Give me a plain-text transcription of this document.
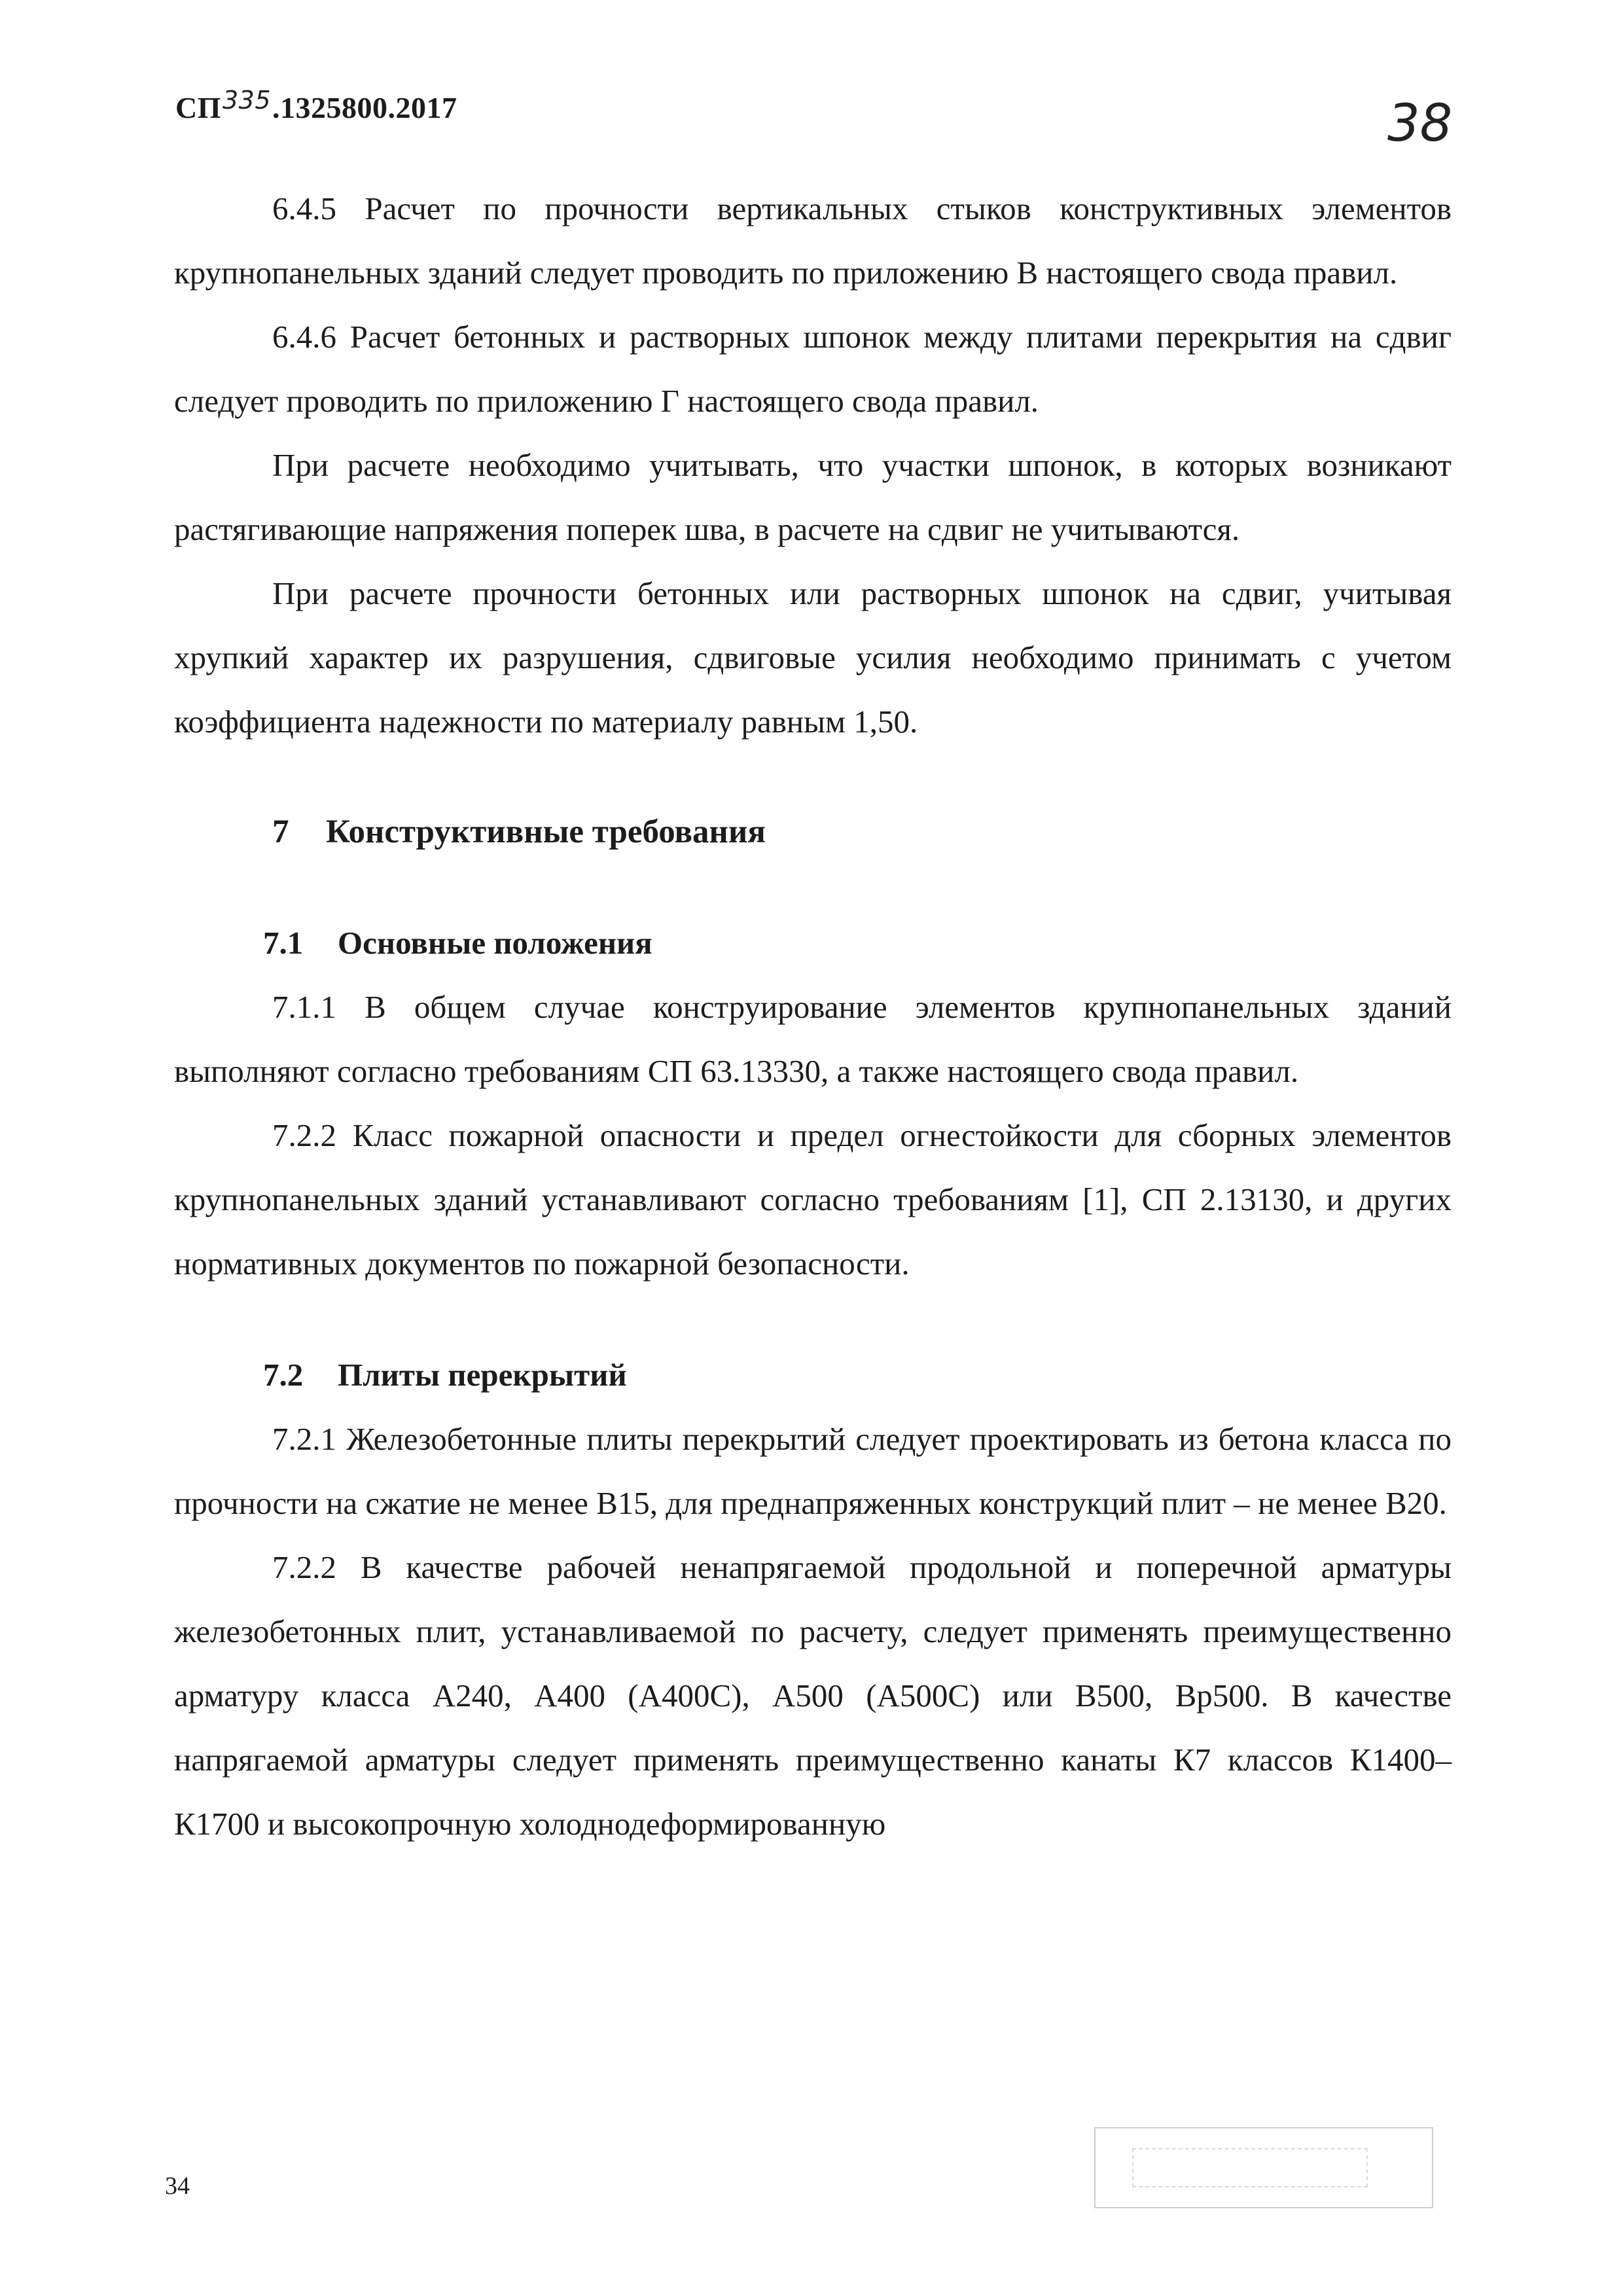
СП$^{335}$.1325800.2017	38

6.4.5 Расчет по прочности вертикальных стыков конструктивных элементов крупнопанельных зданий следует проводить по приложению В настоящего свода правил.

6.4.6 Расчет бетонных и растворных шпонок между плитами перекрытия на сдвиг следует проводить по приложению Г настоящего свода правил.

При расчете необходимо учитывать, что участки шпонок, в которых возникают растягивающие напряжения поперек шва, в расчете на сдвиг не учитываются.

При расчете прочности бетонных или растворных шпонок на сдвиг, учитывая хрупкий характер их разрушения, сдвиговые усилия необходимо принимать с учетом коэффициента надежности по материалу равным 1,50.

7 Конструктивные требования
7.1 Основные положения

7.1.1 В общем случае конструирование элементов крупнопанельных зданий выполняют согласно требованиям СП 63.13330, а также настоящего свода правил.

7.2.2 Класс пожарной опасности и предел огнестойкости для сборных элементов крупнопанельных зданий устанавливают согласно требованиям [1], СП 2.13130, и других нормативных документов по пожарной безопасности.

7.2 Плиты перекрытий

7.2.1 Железобетонные плиты перекрытий следует проектировать из бетона класса по прочности на сжатие не менее В15, для преднапряженных конструкций плит – не менее В20.

7.2.2 В качестве рабочей ненапрягаемой продольной и поперечной арматуры железобетонных плит, устанавливаемой по расчету, следует применять преимущественно арматуру класса А240, А400 (А400С), А500 (А500С) или В500, Вр500. В качестве напрягаемой арматуры следует применять преимущественно канаты К7 классов К1400–К1700 и высокопрочную холоднодеформированную

34
